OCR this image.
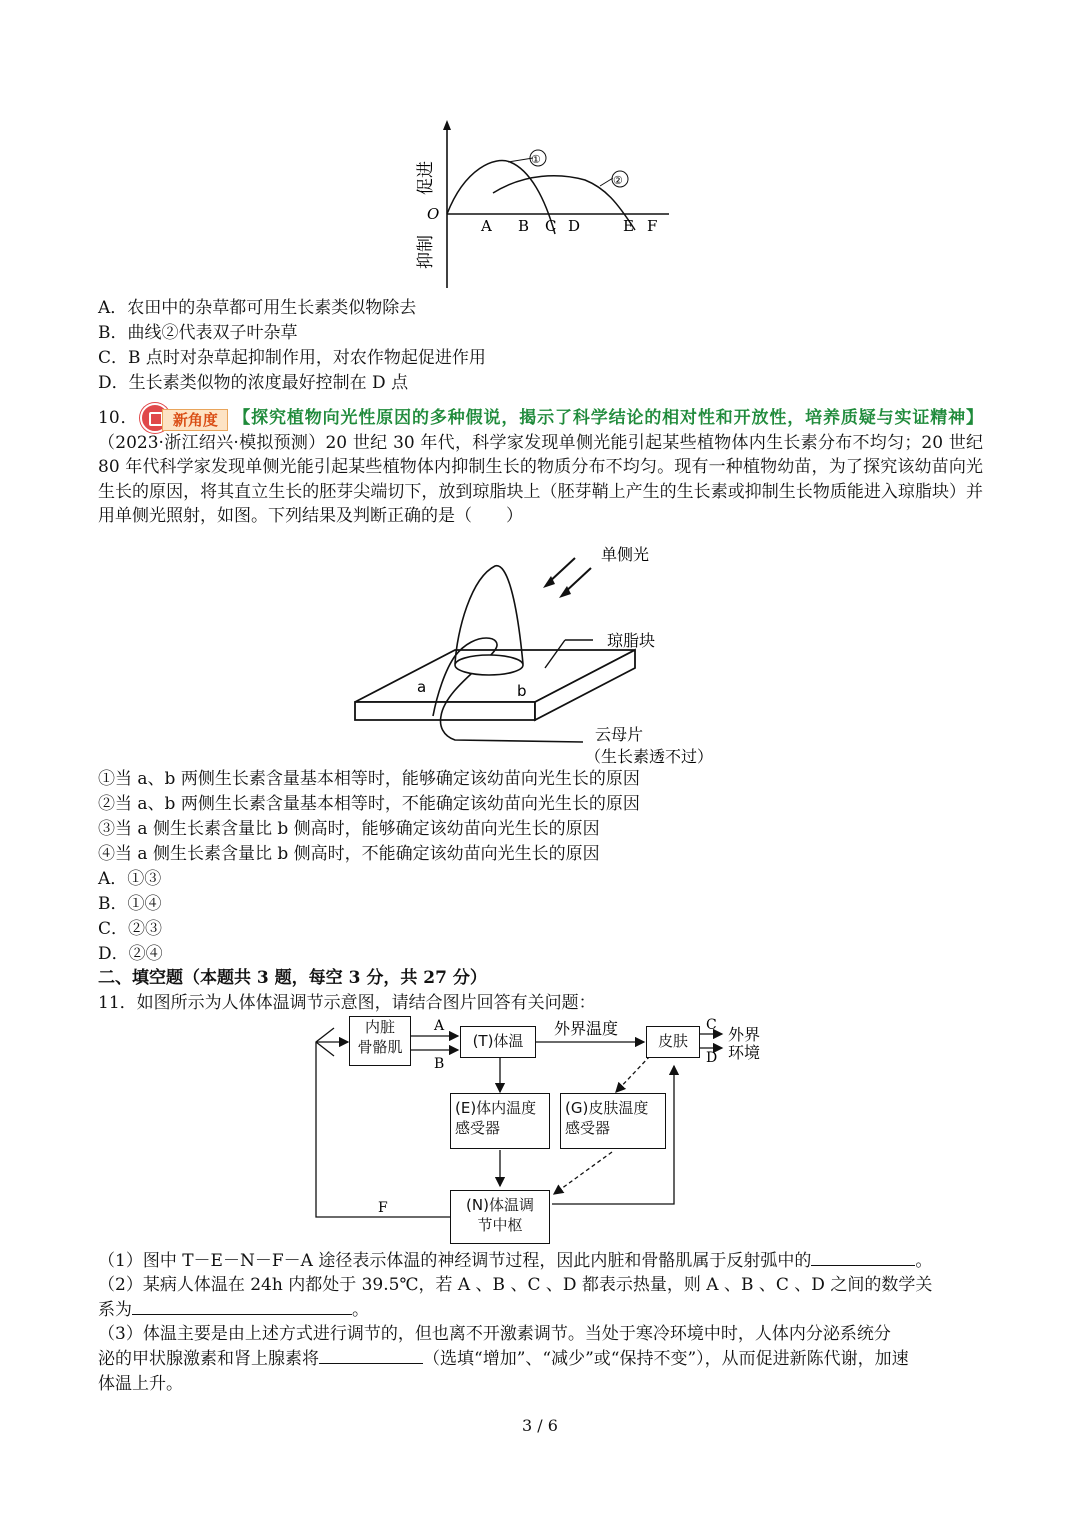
①
②
O
A B C D	E F
促进
抑制
A．农田中的杂草都可用生长素类似物除去
B．曲线②代表双子叶杂草
C．B 点时对杂草起抑制作用，对农作物起促进作用
D．生长素类似物的浓度最好控制在 D 点
10．	新角度 【探究植物向光性原因的多种假说，揭示了科学结论的相对性和开放性，培养质疑与实证精神】（2023·浙江绍兴·模拟预测）20 世纪 30 年代，科学家发现单侧光能引起某些植物体内生长素分布不均匀；20 世纪 80 年代科学家发现单侧光能引起某些植物体内抑制生长的物质分布不均匀。现有一种植物幼苗，为了探究该幼苗向光生长的原因，将其直立生长的胚芽尖端切下，放到琼脂块上（胚芽鞘上产生的生长素或抑制生长物质能进入琼脂块）并用单侧光照射，如图。下列结果及判断正确的是（　　）
a	b
单侧光
琼脂块
云母片
（生长素透不过）
①当 a、b 两侧生长素含量基本相等时，能够确定该幼苗向光生长的原因
②当 a、b 两侧生长素含量基本相等时，不能确定该幼苗向光生长的原因
③当 a 侧生长素含量比 b 侧高时，能够确定该幼苗向光生长的原因
④当 a 侧生长素含量比 b 侧高时，不能确定该幼苗向光生长的原因
A．①③
B．①④
C．②③
D．②④
二、填空题（本题共 3 题，每空 3 分，共 27 分）
11．如图所示为人体体温调节示意图，请结合图片回答有关问题：
A
B
C
D
F
外界温度	外界
环境
内脏
骨骼肌	(T)体温	皮肤
(E)体内温度
感受器
(G)皮肤温度
感受器
(N)体温调
节中枢
（1）图中 T－E－N－F－A 途径表示体温的神经调节过程，因此内脏和骨骼肌属于反射弧中的	。
（2）某病人体温在 24h 内都处于 39.5℃，若 A 、B 、C 、D 都表示热量，则 A 、B 、C 、D 之间的数学关
系为	。
（3）体温主要是由上述方式进行调节的，但也离不开激素调节。当处于寒冷环境中时，人体内分泌系统分
泌的甲状腺激素和肾上腺素将	（选填“增加”、“减少”或“保持不变”），从而促进新陈代谢，加速
体温上升。
3 / 6
